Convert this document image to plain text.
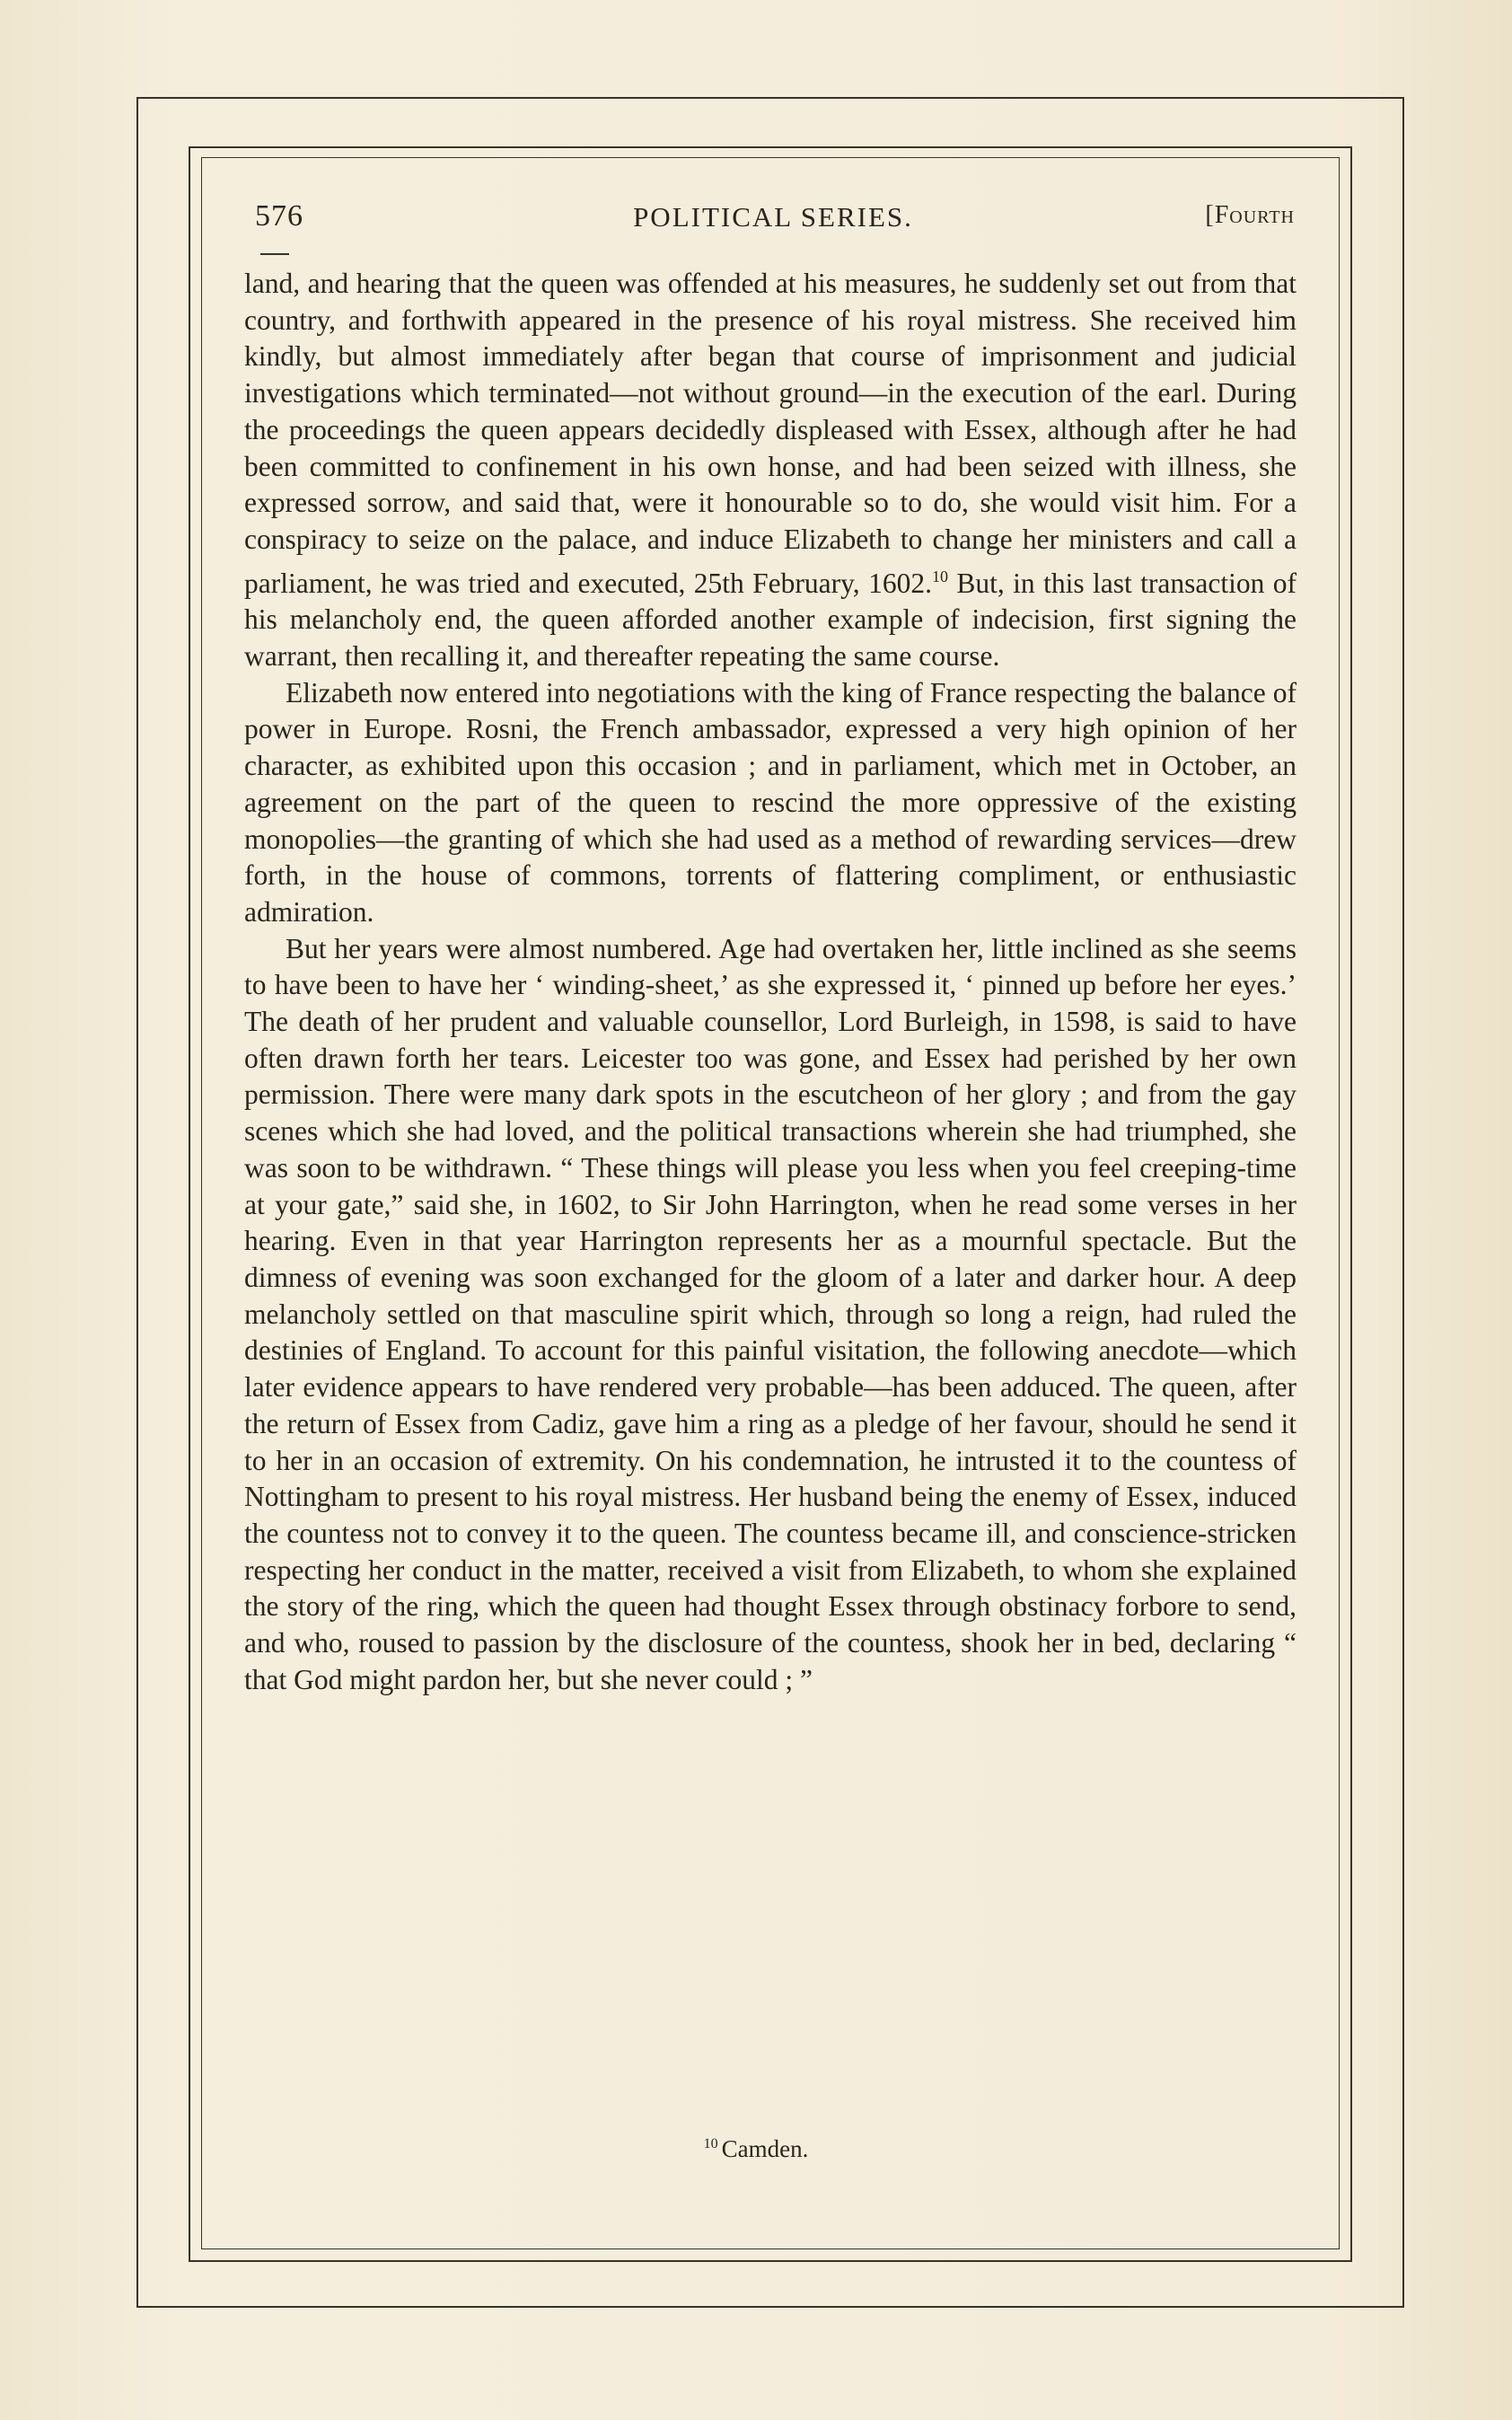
576	POLITICAL SERIES.	[Fourth

land, and hearing that the queen was offended at his measures, he suddenly set out from that country, and forthwith appeared in the presence of his royal mistress. She received him kindly, but almost immediately after began that course of imprisonment and judicial investigations which terminated—not without ground—in the execution of the earl. During the proceedings the queen appears decidedly displeased with Essex, although after he had been committed to confinement in his own honse, and had been seized with illness, she expressed sorrow, and said that, were it honourable so to do, she would visit him. For a conspiracy to seize on the palace, and induce Elizabeth to change her ministers and call a parliament, he was tried and executed, 25th February, 1602.10 But, in this last transaction of his melancholy end, the queen afforded another example of indecision, first signing the warrant, then recalling it, and thereafter repeating the same course.

Elizabeth now entered into negotiations with the king of France respecting the balance of power in Europe. Rosni, the French ambassador, expressed a very high opinion of her character, as exhibited upon this occasion ; and in parliament, which met in October, an agreement on the part of the queen to rescind the more oppressive of the existing monopolies—the granting of which she had used as a method of rewarding services—drew forth, in the house of commons, torrents of flattering compliment, or enthusiastic admiration.

But her years were almost numbered. Age had overtaken her, little inclined as she seems to have been to have her ‘ winding-sheet,’ as she expressed it, ‘ pinned up before her eyes.’ The death of her prudent and valuable counsellor, Lord Burleigh, in 1598, is said to have often drawn forth her tears. Leicester too was gone, and Essex had perished by her own permission. There were many dark spots in the escutcheon of her glory ; and from the gay scenes which she had loved, and the political transactions wherein she had triumphed, she was soon to be withdrawn. “ These things will please you less when you feel creeping-time at your gate,” said she, in 1602, to Sir John Harrington, when he read some verses in her hearing. Even in that year Harrington represents her as a mournful spectacle. But the dimness of evening was soon exchanged for the gloom of a later and darker hour. A deep melancholy settled on that masculine spirit which, through so long a reign, had ruled the destinies of England. To account for this painful visitation, the following anecdote—which later evidence appears to have rendered very probable—has been adduced. The queen, after the return of Essex from Cadiz, gave him a ring as a pledge of her favour, should he send it to her in an occasion of extremity. On his condemnation, he intrusted it to the countess of Nottingham to present to his royal mistress. Her husband being the enemy of Essex, induced the countess not to convey it to the queen. The countess became ill, and conscience-stricken respecting her conduct in the matter, received a visit from Elizabeth, to whom she explained the story of the ring, which the queen had thought Essex through obstinacy forbore to send, and who, roused to passion by the disclosure of the countess, shook her in bed, declaring “ that God might pardon her, but she never could ; ”

$^{10}$ Camden.
